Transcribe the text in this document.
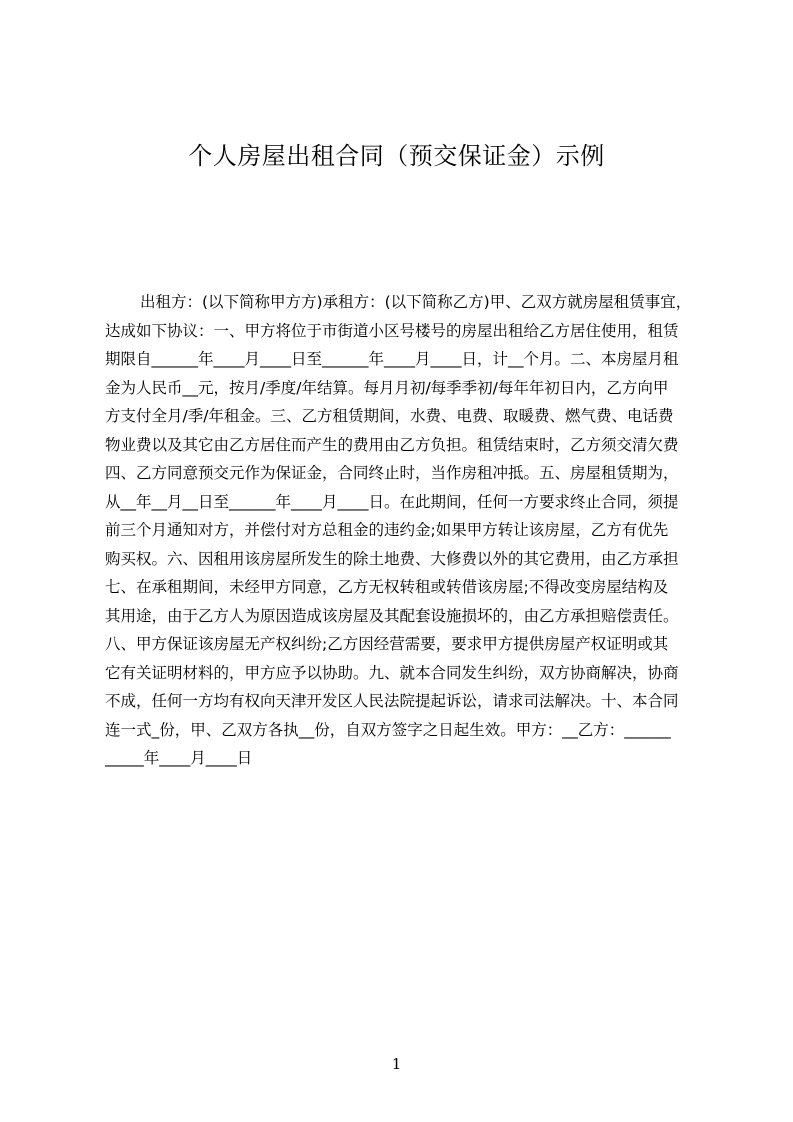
个人房屋出租合同（预交保证金）示例
出租方：(以下简称甲方方)承租方：(以下简称乙方)甲、乙双方就房屋租赁事宜，
达成如下协议：一、甲方将位于市街道小区号楼号的房屋出租给乙方居住使用，租赁
期限自______年____月____日至______年____月____日，计__个月。二、本房屋月租
金为人民币__元，按月/季度/年结算。每月月初/每季季初/每年年初日内，乙方向甲
方支付全月/季/年租金。三、乙方租赁期间，水费、电费、取暖费、燃气费、电话费
物业费以及其它由乙方居住而产生的费用由乙方负担。租赁结束时，乙方须交清欠费
四、乙方同意预交元作为保证金，合同终止时，当作房租冲抵。五、房屋租赁期为，
从__年__月__日至______年____月____日。在此期间，任何一方要求终止合同，须提
前三个月通知对方，并偿付对方总租金的违约金;如果甲方转让该房屋，乙方有优先
购买权。六、因租用该房屋所发生的除土地费、大修费以外的其它费用，由乙方承担
七、在承租期间，未经甲方同意，乙方无权转租或转借该房屋;不得改变房屋结构及
其用途，由于乙方人为原因造成该房屋及其配套设施损坏的，由乙方承担赔偿责任。
八、甲方保证该房屋无产权纠纷;乙方因经营需要，要求甲方提供房屋产权证明或其
它有关证明材料的，甲方应予以协助。九、就本合同发生纠纷，双方协商解决，协商
不成，任何一方均有权向天津开发区人民法院提起诉讼，请求司法解决。十、本合同
连一式_份，甲、乙双方各执__份，自双方签字之日起生效。甲方：__乙方：______
_____年____月____日
1
